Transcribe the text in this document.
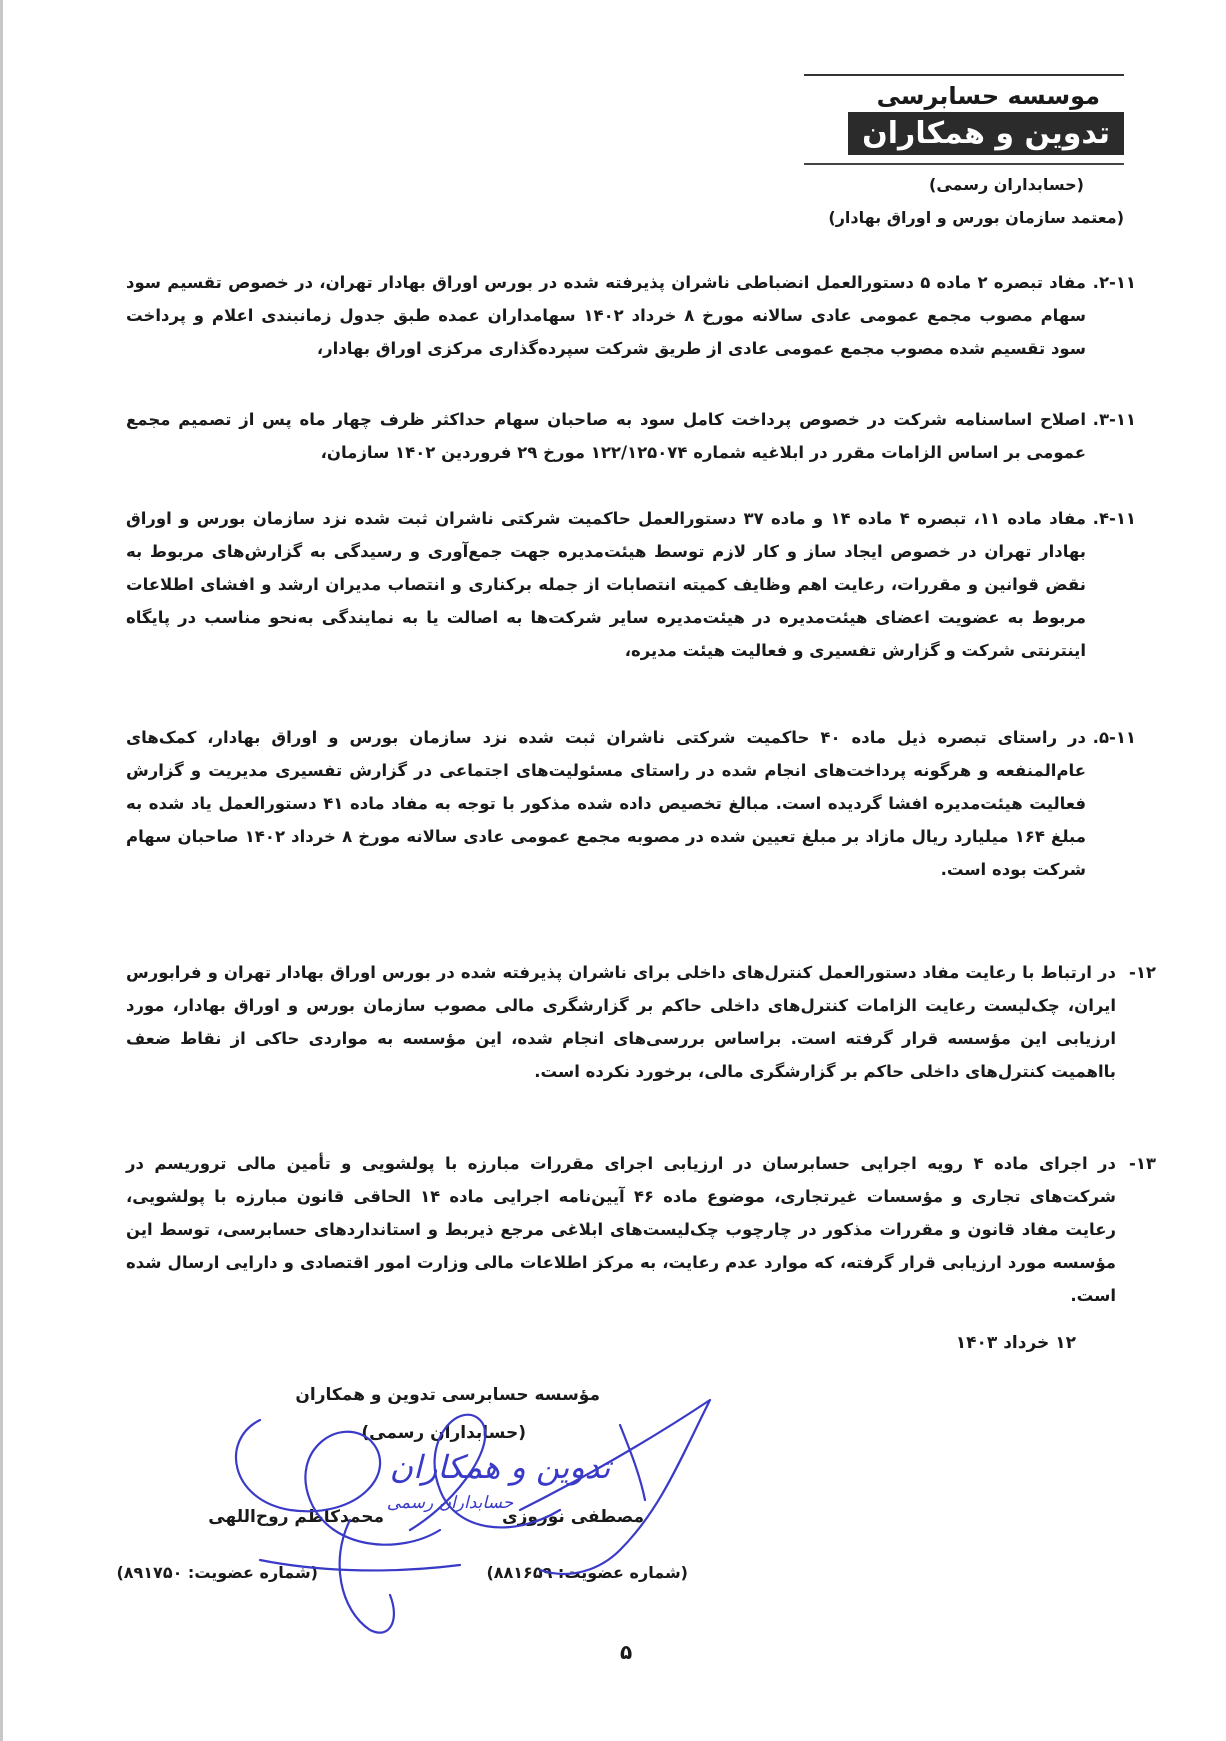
موسسه حسابرسی
تدوین و همکاران
(حسابداران رسمی)
(معتمد سازمان بورس و اوراق بهادار)
۲-۱۱.
مفاد تبصره ۲ ماده ۵ دستورالعمل انضباطی ناشران پذیرفته شده در بورس اوراق بهادار تهران، در خصوص تقسیم سود سهام مصوب مجمع عمومی عادی سالانه مورخ ۸ خرداد ۱۴۰۲ سهامداران عمده طبق جدول زمانبندی اعلام و پرداخت سود تقسیم شده مصوب مجمع عمومی عادی از طریق شرکت سپرده‌گذاری مرکزی اوراق بهادار،
۳-۱۱.
اصلاح اساسنامه شرکت در خصوص پرداخت کامل سود به صاحبان سهام حداکثر ظرف چهار ماه پس از تصمیم مجمع عمومی بر اساس الزامات مقرر در ابلاغیه شماره ۱۲۲/۱۲۵۰۷۴ مورخ ۲۹ فروردین ۱۴۰۲ سازمان،
۴-۱۱.
مفاد ماده ۱۱، تبصره ۴ ماده ۱۴ و ماده ۳۷ دستورالعمل حاکمیت شرکتی ناشران ثبت شده نزد سازمان بورس و اوراق بهادار تهران در خصوص ایجاد ساز و کار لازم توسط هیئت‌مدیره جهت جمع‌آوری و رسیدگی به گزارش‌های مربوط به نقض قوانین و مقررات، رعایت اهم وظایف کمیته انتصابات از جمله برکناری و انتصاب مدیران ارشد و افشای اطلاعات مربوط به عضویت اعضای هیئت‌مدیره در هیئت‌مدیره سایر شرکت‌ها به اصالت یا به نمایندگی به‌نحو مناسب در پایگاه اینترنتی شرکت و گزارش تفسیری و فعالیت هیئت مدیره،
۵-۱۱.
در راستای تبصره ذیل ماده ۴۰ حاکمیت شرکتی ناشران ثبت شده نزد سازمان بورس و اوراق بهادار، کمک‌های عام‌المنفعه و هرگونه پرداخت‌های انجام شده در راستای مسئولیت‌های اجتماعی در گزارش تفسیری مدیریت و گزارش فعالیت هیئت‌مدیره افشا گردیده است. مبالغ تخصیص داده شده مذکور با توجه به مفاد ماده ۴۱ دستورالعمل یاد شده به مبلغ ۱۶۴ میلیارد ریال مازاد بر مبلغ تعیین شده در مصوبه مجمع عمومی عادی سالانه مورخ ۸ خرداد ۱۴۰۲ صاحبان سهام شرکت بوده است.
۱۲-
در ارتباط با رعایت مفاد دستورالعمل کنترل‌های داخلی برای ناشران پذیرفته شده در بورس اوراق بهادار تهران و فرابورس ایران، چک‌لیست رعایت الزامات کنترل‌های داخلی حاکم بر گزارشگری مالی مصوب سازمان بورس و اوراق بهادار، مورد ارزیابی این مؤسسه قرار گرفته است. براساس بررسی‌های انجام شده، این مؤسسه به مواردی حاکی از نقاط ضعف بااهمیت کنترل‌های داخلی حاکم بر گزارشگری مالی، برخورد نکرده است.
۱۳-
در اجرای ماده ۴ رویه اجرایی حسابرسان در ارزیابی اجرای مقررات مبارزه با پولشویی و تأمین مالی تروریسم در شرکت‌های تجاری و مؤسسات غیرتجاری، موضوع ماده ۴۶ آیین‌نامه اجرایی ماده ۱۴ الحاقی قانون مبارزه با پولشویی، رعایت مفاد قانون و مقررات مذکور در چارچوب چک‌لیست‌های ابلاغی مرجع ذیربط و استانداردهای حسابرسی، توسط این مؤسسه مورد ارزیابی قرار گرفته، که موارد عدم رعایت، به مرکز اطلاعات مالی وزارت امور اقتصادی و دارایی ارسال شده است.
۱۲ خرداد ۱۴۰۳
مؤسسه حسابرسی تدوین و همکاران
(حسابداران رسمی)
مصطفی نوروزی
محمدکاظم روح‌اللهی
(شماره عضویت: ۸۸۱۶۵۹)
(شماره عضویت: ۸۹۱۷۵۰)
تدوین و همکاران
حسابداران رسمی
۵
